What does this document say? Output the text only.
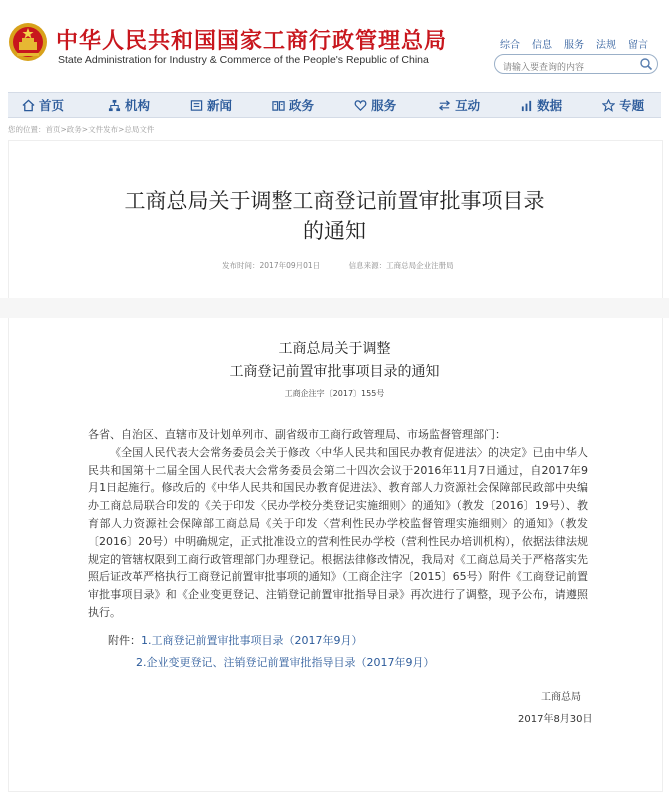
中华人民共和国国家工商行政管理总局
State Administration for Industry & Commerce of the People's Republic of China
综合 信息 服务 法规 留言
请输入要查询的内容
首页	机构	新闻	政务	服务	互动	数据	专题
您的位置：首页>政务>文件发布>总局文件
工商总局关于调整工商登记前置审批事项目录
的通知
发布时间：2017年09月01日	信息来源：工商总局企业注册局
工商总局关于调整
工商登记前置审批事项目录的通知
工商企注字〔2017〕155号

各省、自治区、直辖市及计划单列市、副省级市工商行政管理局、市场监督管理部门：

《全国人民代表大会常务委员会关于修改〈中华人民共和国民办教育促进法〉的决定》已由中华人民共和国第十二届全国人民代表大会常务委员会第二十四次会议于2016年11月7日通过，自2017年9月1日起施行。修改后的《中华人民共和国民办教育促进法》、教育部人力资源社会保障部民政部中央编办工商总局联合印发的《关于印发〈民办学校分类登记实施细则〉的通知》（教发〔2016〕19号）、教育部人力资源社会保障部工商总局《关于印发〈营利性民办学校监督管理实施细则〉的通知》（教发〔2016〕20号）中明确规定，正式批准设立的营利性民办学校（营利性民办培训机构），依据法律法规规定的管辖权限到工商行政管理部门办理登记。根据法律修改情况，我局对《工商总局关于严格落实先照后证改革严格执行工商登记前置审批事项的通知》（工商企注字〔2015〕65号）附件《工商登记前置审批事项目录》和《企业变更登记、注销登记前置审批指导目录》再次进行了调整，现予公布，请遵照执行。

附件：1.工商登记前置审批事项目录（2017年9月）
2.企业变更登记、注销登记前置审批指导目录（2017年9月）
工商总局
2017年8月30日
